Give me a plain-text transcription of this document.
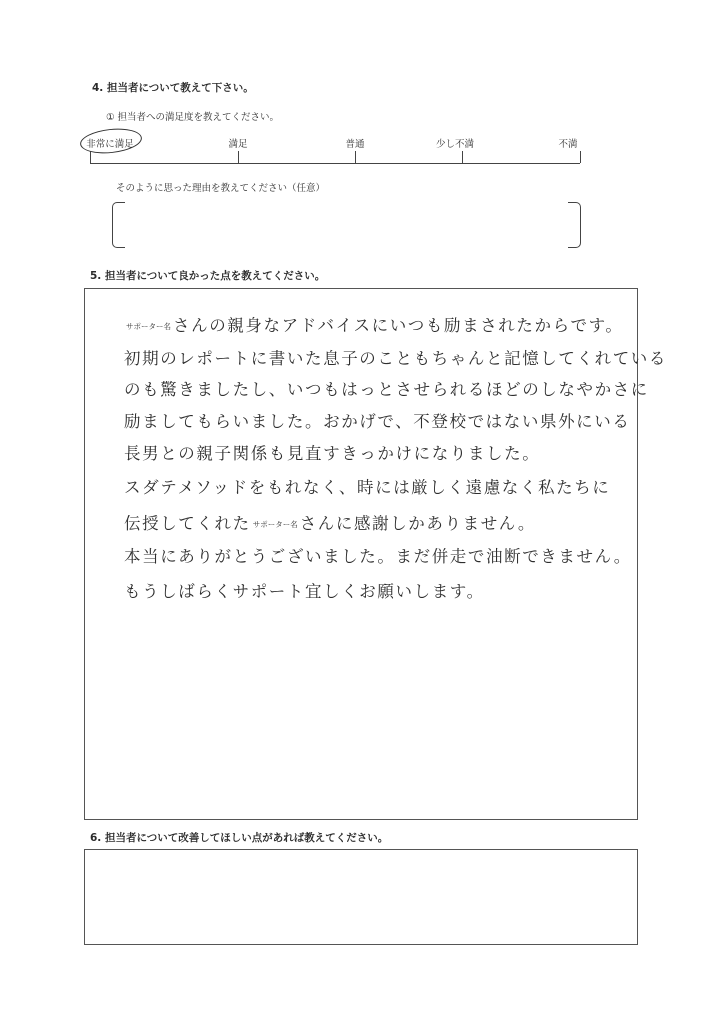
4. 担当者について教えて下さい。
① 担当者への満足度を教えてください。
非常に満足	満足	普通	少し不満	不満
そのように思った理由を教えてください（任意）
5. 担当者について良かった点を教えてください。
サポーター名 さんの親身なアドバイスにいつも励まされたからです。
初期のレポートに書いた息子のこともちゃんと記憶してくれている
のも驚きましたし、いつもはっとさせられるほどのしなやかさに
励ましてもらいました。おかげで、不登校ではない県外にいる
長男との親子関係も見直すきっかけになりました。
スダテメソッドをもれなく、時には厳しく遠慮なく私たちに
伝授してくれた サポーター名 さんに感謝しかありません。
本当にありがとうございました。まだ併走で油断できません。
もうしばらくサポート宜しくお願いします。
6. 担当者について改善してほしい点があれば教えてください。
